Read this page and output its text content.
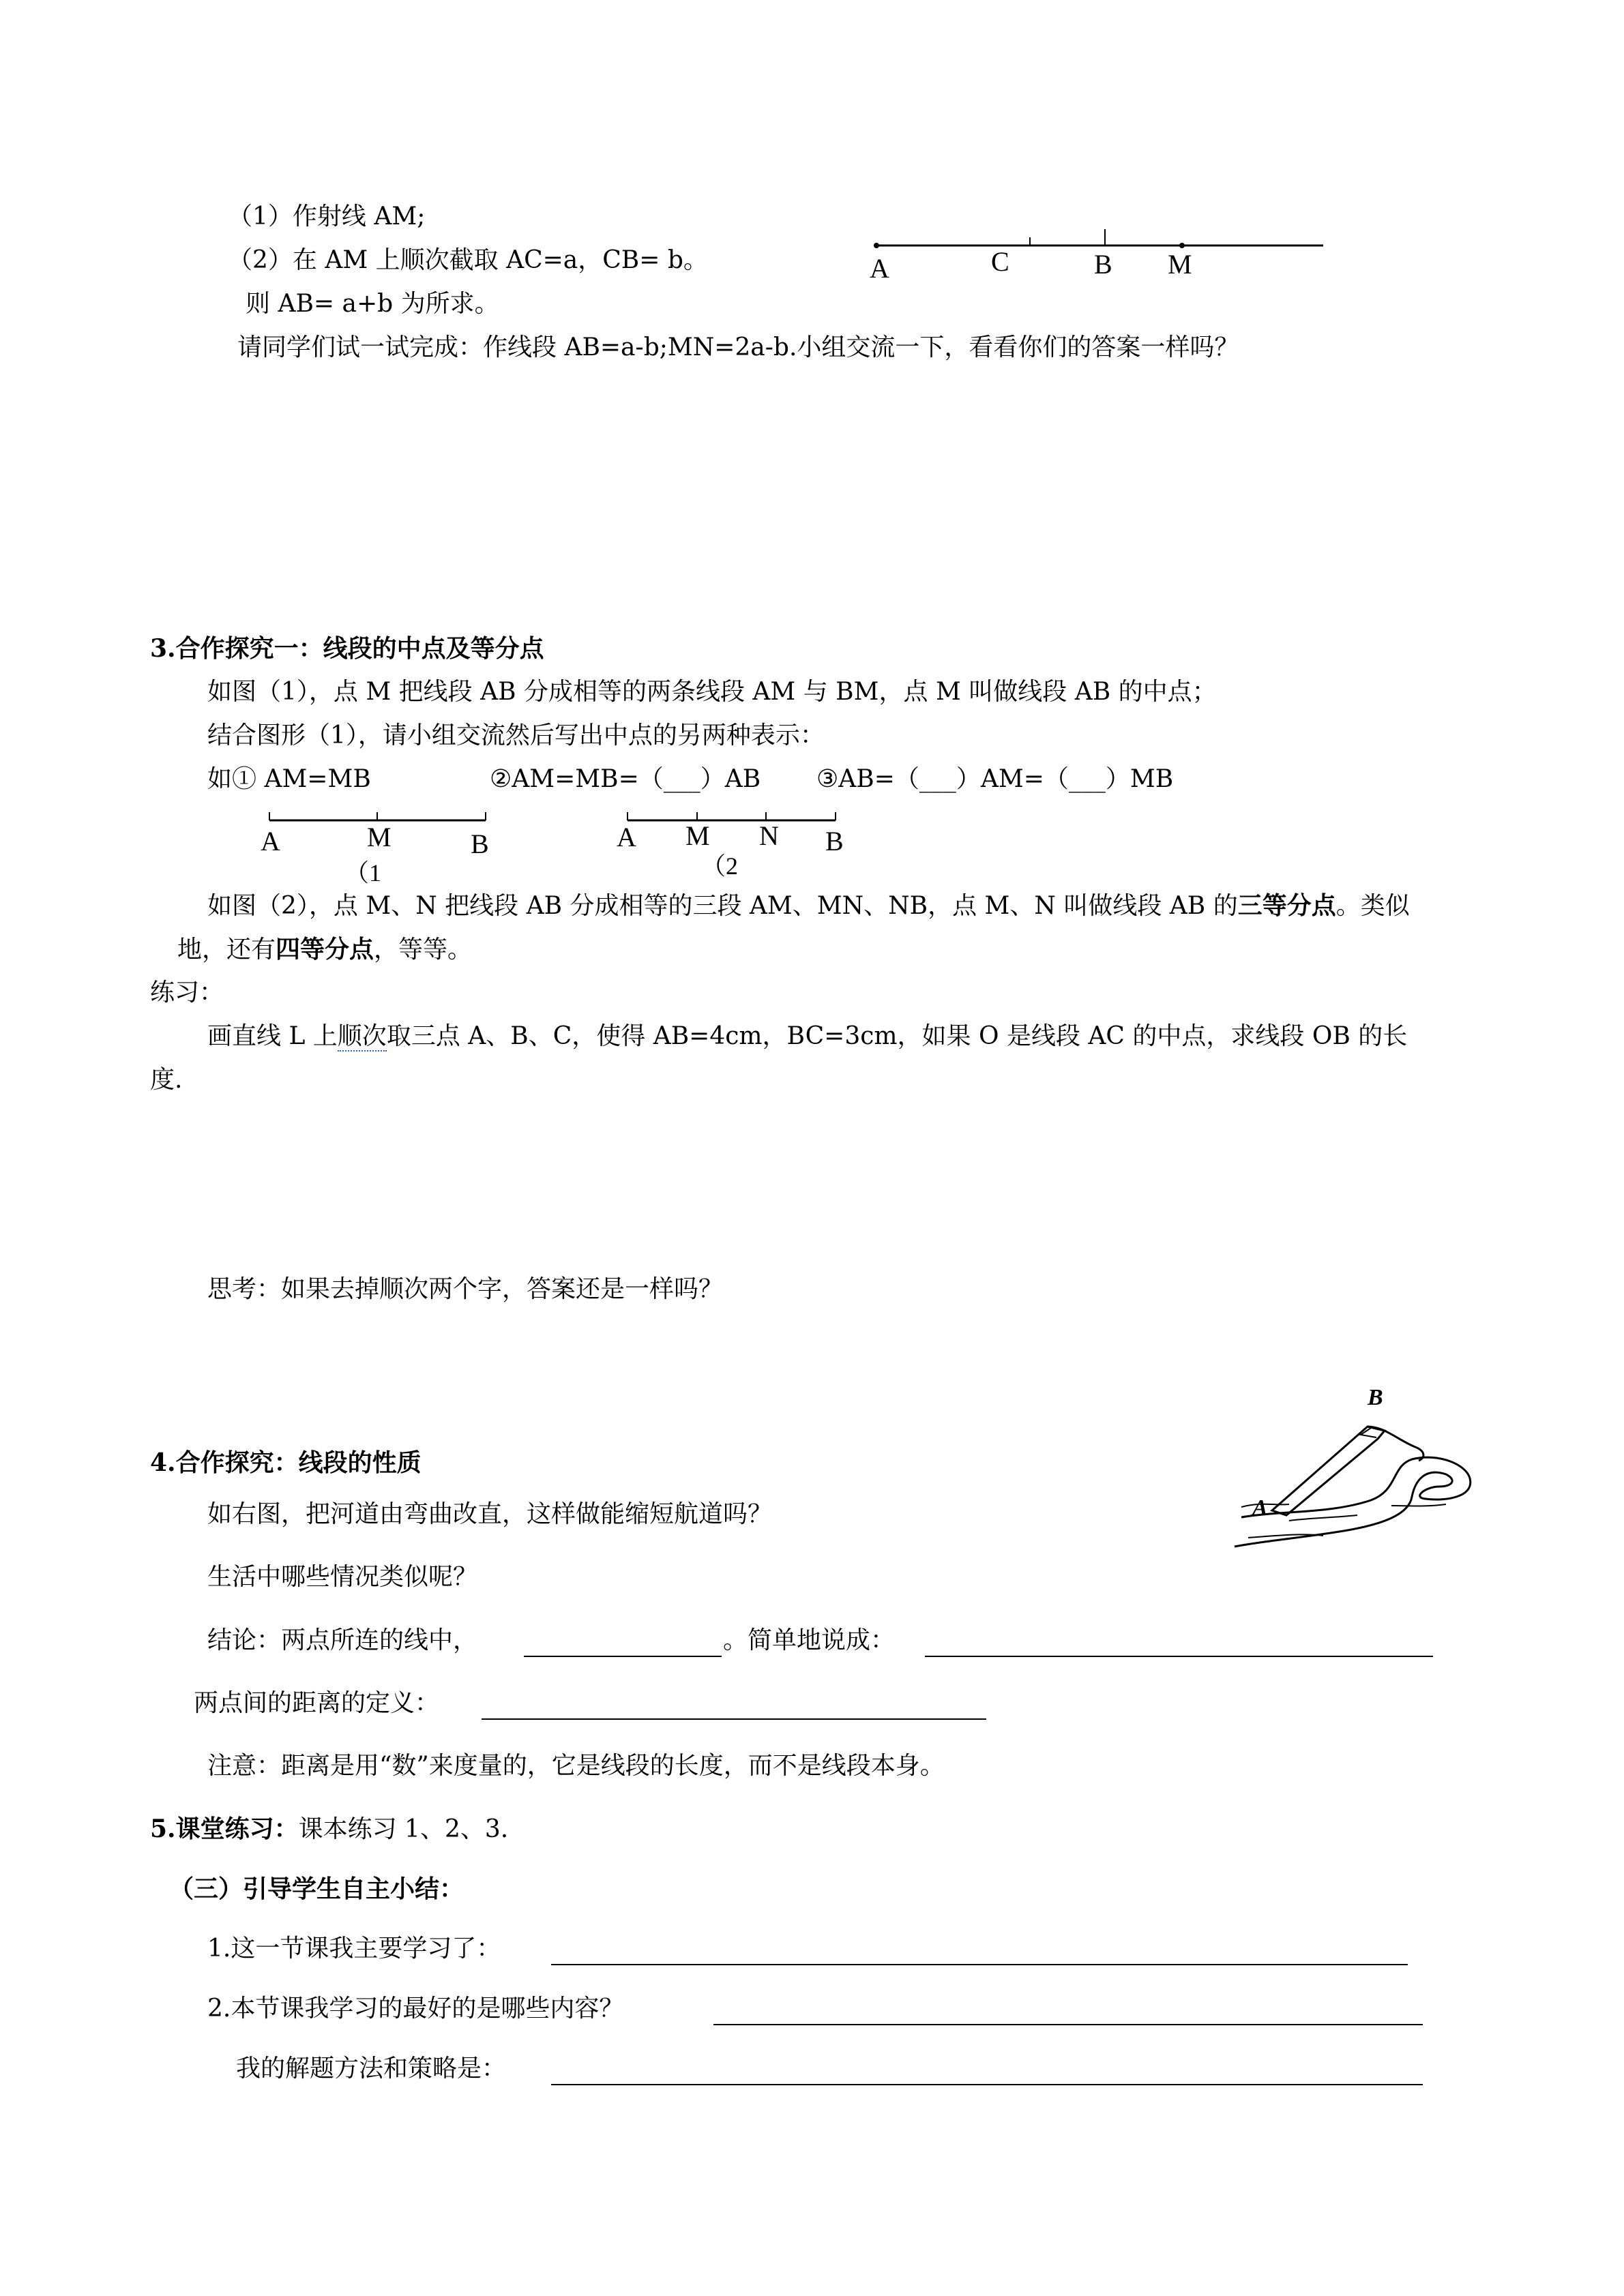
（1）作射线 AM;
（2）在 AM 上顺次截取 AC=a，CB= b。
则 AB= a+b 为所求。
请同学们试一试完成：作线段 AB=a-b;MN=2a-b.小组交流一下，看看你们的答案一样吗？
A	C	B M
3.合作探究一：线段的中点及等分点
如图（1），点 M 把线段 AB 分成相等的两条线段 AM 与 BM，点 M 叫做线段 AB 的中点；
结合图形（1），请小组交流然后写出中点的另两种表示：
如① AM=MB	②AM=MB=（___）AB ③AB=（___）AM=（___）MB
A	M	B
（1
A M N B
（2
如图（2），点 M、N 把线段 AB 分成相等的三段 AM、MN、NB，点 M、N 叫做线段 AB 的三等分点。类似
地，还有四等分点，等等。
练习：
画直线 L 上顺次取三点 A、B、C，使得 AB=4cm，BC=3cm，如果 O 是线段 AC 的中点，求线段 OB 的长
度.
思考：如果去掉顺次两个字，答案还是一样吗？
4.合作探究：线段的性质
如右图，把河道由弯曲改直，这样做能缩短航道吗？
生活中哪些情况类似呢？
B
A
结论：两点所连的线中，	。简单地说成：
两点间的距离的定义：
注意：距离是用“数”来度量的，它是线段的长度，而不是线段本身。
5.课堂练习：课本练习 1、2、3.
（三）引导学生自主小结：
1.这一节课我主要学习了：
2.本节课我学习的最好的是哪些内容？
我的解题方法和策略是：
